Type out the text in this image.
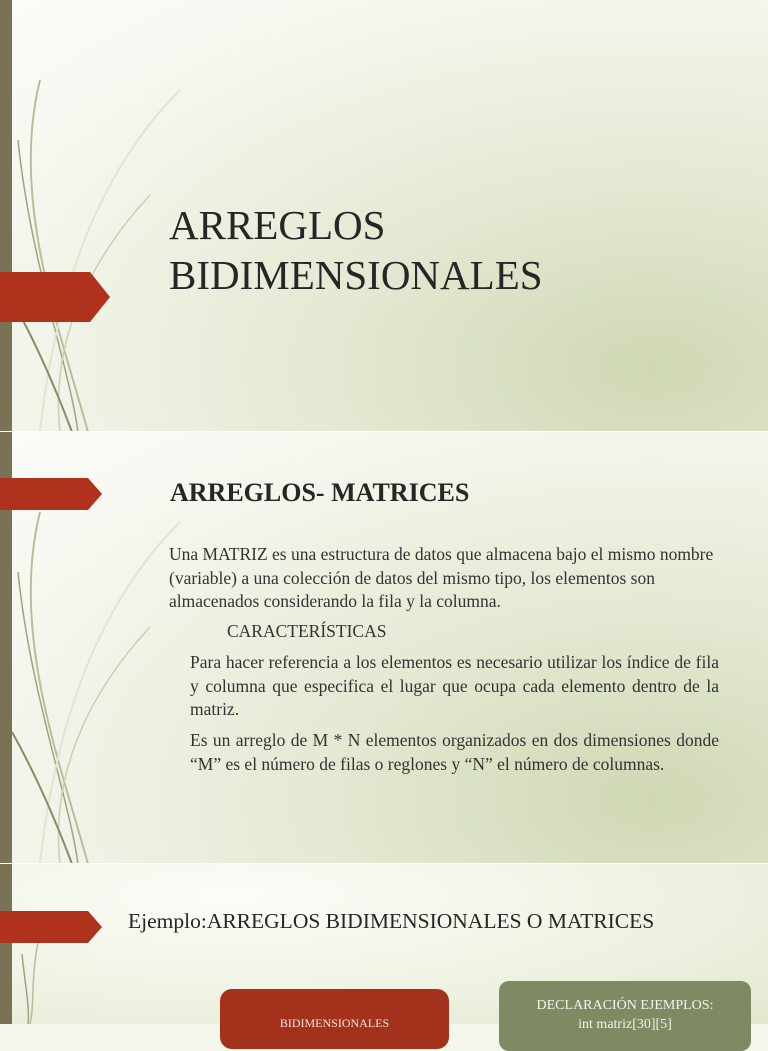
ARREGLOS
BIDIMENSIONALES
ARREGLOS- MATRICES
Una MATRIZ es una estructura de datos que almacena bajo el mismo nombre (variable) a una colección de datos del mismo tipo, los elementos son almacenados considerando la fila y la columna.
CARACTERÍSTICAS
Para hacer referencia a los elementos es necesario utilizar los índice de fila y columna que especifica el lugar que ocupa cada elemento dentro de la matriz.
Es un arreglo de M * N elementos organizados en dos dimensiones donde “M” es el número de filas o reglones y “N” el número de columnas.
Ejemplo:ARREGLOS BIDIMENSIONALES O MATRICES
BIDIMENSIONALES
DECLARACIÓN EJEMPLOS:
int matriz[30][5]
